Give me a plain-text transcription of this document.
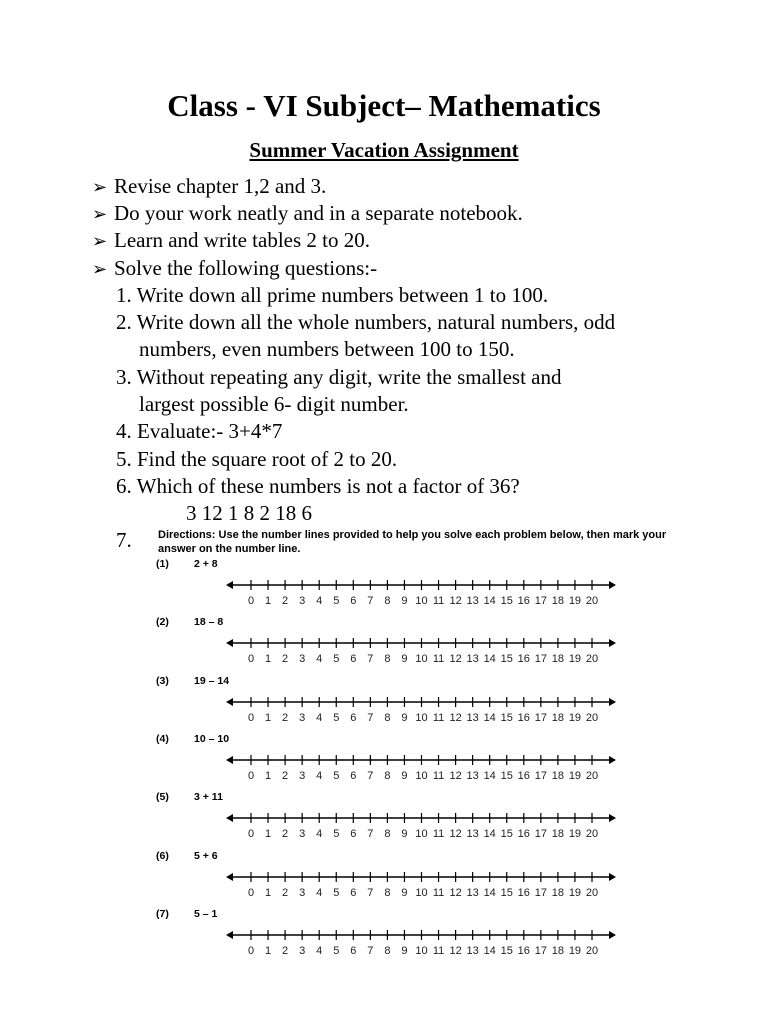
Class - VI Subject– Mathematics
Summer Vacation Assignment
➢ Revise chapter 1,2 and 3.
➢ Do your work neatly and in a separate notebook.
➢ Learn and write tables 2 to 20.
➢ Solve the following questions:-
1. Write down all prime numbers between 1 to 100.
2. Write down all the whole numbers, natural numbers, odd
numbers, even numbers between 100 to 150.
3. Without repeating any digit, write the smallest and
largest possible 6- digit number.
4. Evaluate:- 3+4*7
5. Find the square root of 2 to 20.
6. Which of these numbers is not a factor of 36?
3 12 1 8 2 18 6
7. Directions: Use the number lines provided to help you solve each problem below, then mark your answer on the number line.
(1) 2 + 8
0 1 2 3 4 5 6 7 8 9 10 11 12 13 14 15 16 17 18 19 20
(2) 18 – 8
0 1 2 3 4 5 6 7 8 9 10 11 12 13 14 15 16 17 18 19 20
(3) 19 – 14
0 1 2 3 4 5 6 7 8 9 10 11 12 13 14 15 16 17 18 19 20
(4) 10 – 10
0 1 2 3 4 5 6 7 8 9 10 11 12 13 14 15 16 17 18 19 20
(5) 3 + 11
0 1 2 3 4 5 6 7 8 9 10 11 12 13 14 15 16 17 18 19 20
(6) 5 + 6
0 1 2 3 4 5 6 7 8 9 10 11 12 13 14 15 16 17 18 19 20
(7) 5 – 1
0 1 2 3 4 5 6 7 8 9 10 11 12 13 14 15 16 17 18 19 20
